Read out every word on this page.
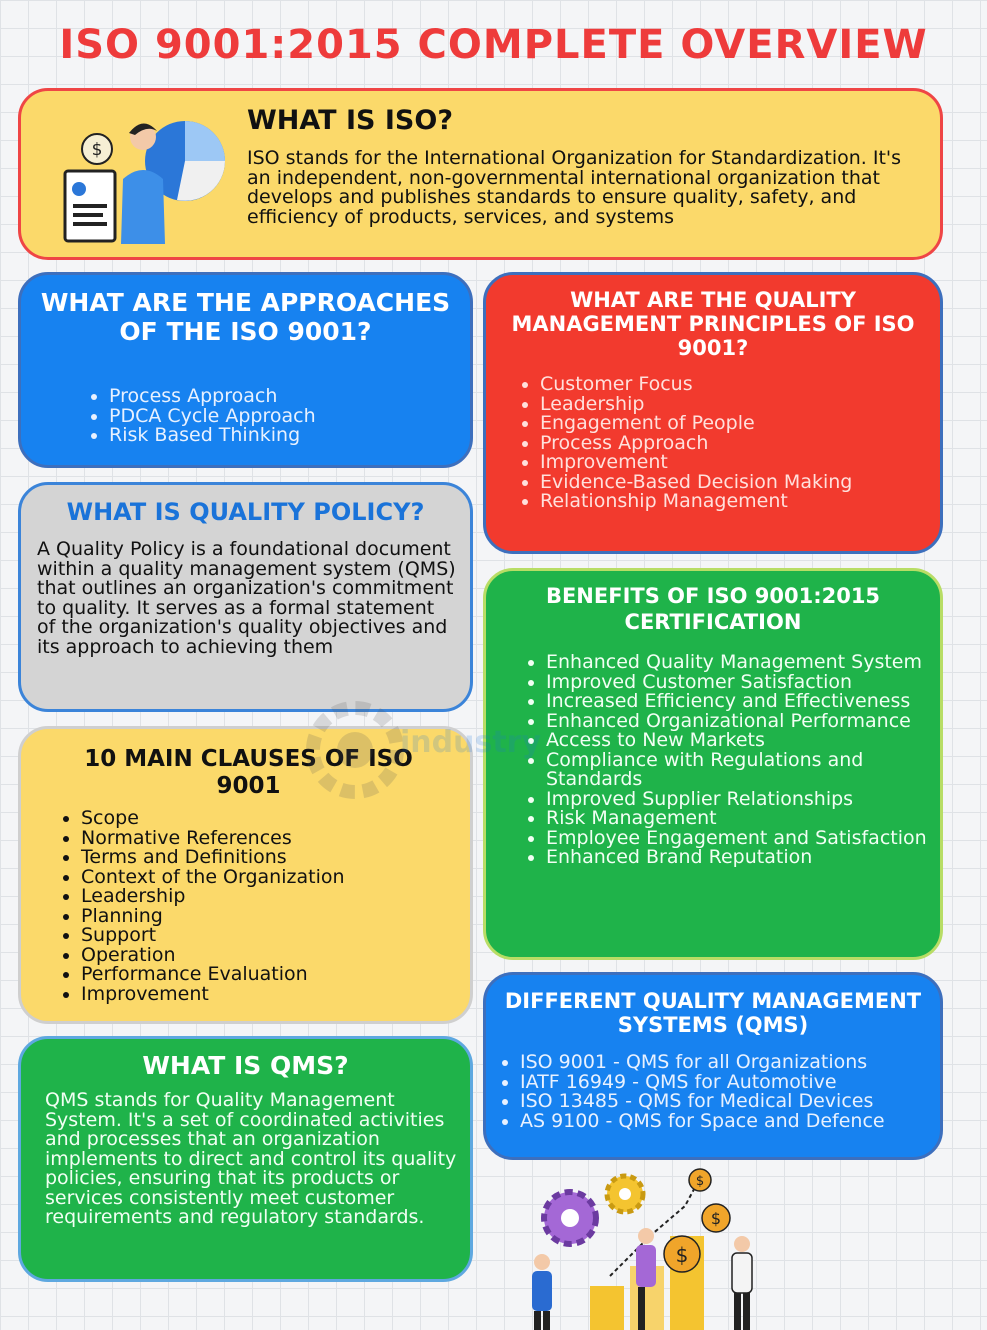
ISO 9001:2015 COMPLETE OVERVIEW
$
WHAT IS ISO?

ISO stands for the International Organization for Standardization. It's an independent, non-governmental international organization that develops and publishes standards to ensure quality, safety, and efficiency of products, services, and systems

WHAT ARE THE APPROACHES OF THE ISO 9001?
• Process Approach
• PDCA Cycle Approach
• Risk Based Thinking
WHAT ARE THE QUALITY MANAGEMENT PRINCIPLES OF ISO 9001?
• Customer Focus
• Leadership
• Engagement of People
• Process Approach
• Improvement
• Evidence-Based Decision Making
• Relationship Management
WHAT IS QUALITY POLICY?

A Quality Policy is a foundational document within a quality management system (QMS) that outlines an organization's commitment to quality. It serves as a formal statement of the organization's quality objectives and its approach to achieving them

BENEFITS OF ISO 9001:2015 CERTIFICATION
• Enhanced Quality Management System
• Improved Customer Satisfaction
• Increased Efficiency and Effectiveness
• Enhanced Organizational Performance
• Access to New Markets
• Compliance with Regulations and Standards
• Improved Supplier Relationships
• Risk Management
• Employee Engagement and Satisfaction
• Enhanced Brand Reputation
10 MAIN CLAUSES OF ISO 9001
• Scope
• Normative References
• Terms and Definitions
• Context of the Organization
• Leadership
• Planning
• Support
• Operation
• Performance Evaluation
• Improvement
industry
WHAT IS QMS?

QMS stands for Quality Management System. It's a set of coordinated activities and processes that an organization implements to direct and control its quality policies, ensuring that its products or services consistently meet customer requirements and regulatory standards.

DIFFERENT QUALITY MANAGEMENT SYSTEMS (QMS)
• ISO 9001 - QMS for all Organizations
• IATF 16949 - QMS for Automotive
• ISO 13485 - QMS for Medical Devices
• AS 9100 - QMS for Space and Defence
$
$
$
